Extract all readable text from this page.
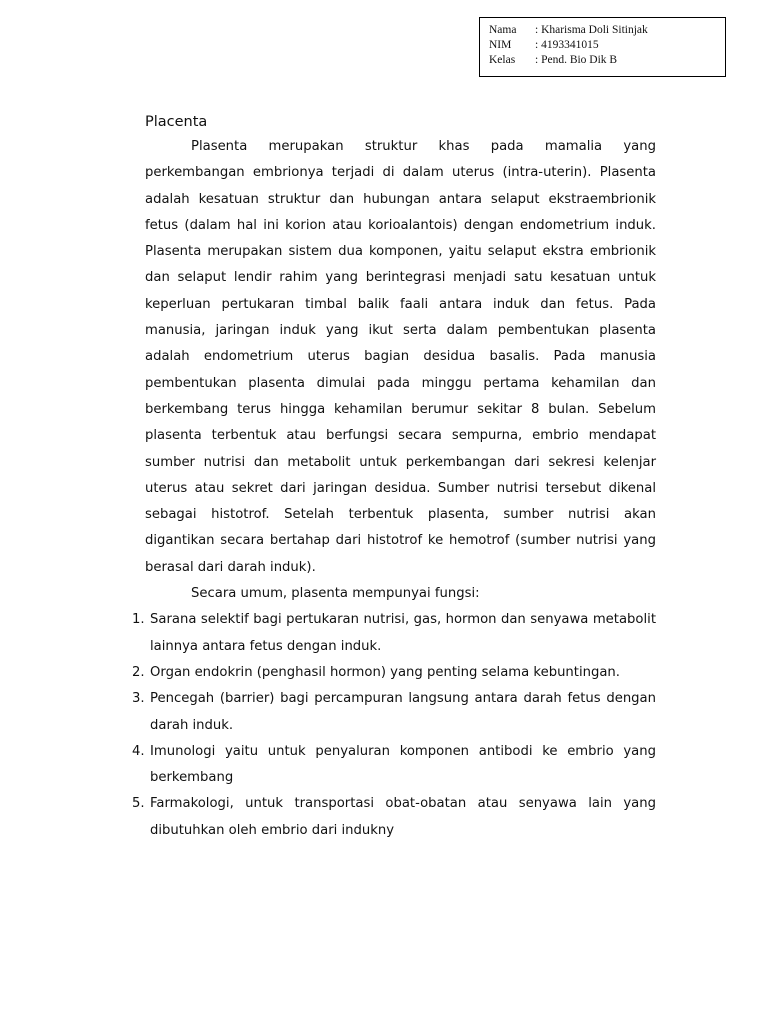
Nama	: Kharisma Doli Sitinjak
NIM	: 4193341015
Kelas	: Pend. Bio Dik B
Placenta

Plasenta merupakan struktur khas pada mamalia yang perkembangan embrionya terjadi di dalam uterus (intra-uterin). Plasenta adalah kesatuan struktur dan hubungan antara selaput ekstraembrionik fetus (dalam hal ini korion atau korioalantois) dengan endometrium induk. Plasenta merupakan sistem dua komponen, yaitu selaput ekstra embrionik dan selaput lendir rahim yang berintegrasi menjadi satu kesatuan untuk keperluan pertukaran timbal balik faali antara induk dan fetus. Pada manusia, jaringan induk yang ikut serta dalam pembentukan plasenta adalah endometrium uterus bagian desidua basalis. Pada manusia pembentukan plasenta dimulai pada minggu pertama kehamilan dan berkembang terus hingga kehamilan berumur sekitar 8 bulan. Sebelum plasenta terbentuk atau berfungsi secara sempurna, embrio mendapat sumber nutrisi dan metabolit untuk perkembangan dari sekresi kelenjar uterus atau sekret dari jaringan desidua. Sumber nutrisi tersebut dikenal sebagai histotrof. Setelah terbentuk plasenta, sumber nutrisi akan digantikan secara bertahap dari histotrof ke hemotrof (sumber nutrisi yang berasal dari darah induk).

Secara umum, plasenta mempunyai fungsi:

1. Sarana selektif bagi pertukaran nutrisi, gas, hormon dan senyawa metabolit lainnya antara fetus dengan induk.
2. Organ endokrin (penghasil hormon) yang penting selama kebuntingan.
3. Pencegah (barrier) bagi percampuran langsung antara darah fetus dengan darah induk.
4. Imunologi yaitu untuk penyaluran komponen antibodi ke embrio yang berkembang
5. Farmakologi, untuk transportasi obat-obatan atau senyawa lain yang dibutuhkan oleh embrio dari indukny
